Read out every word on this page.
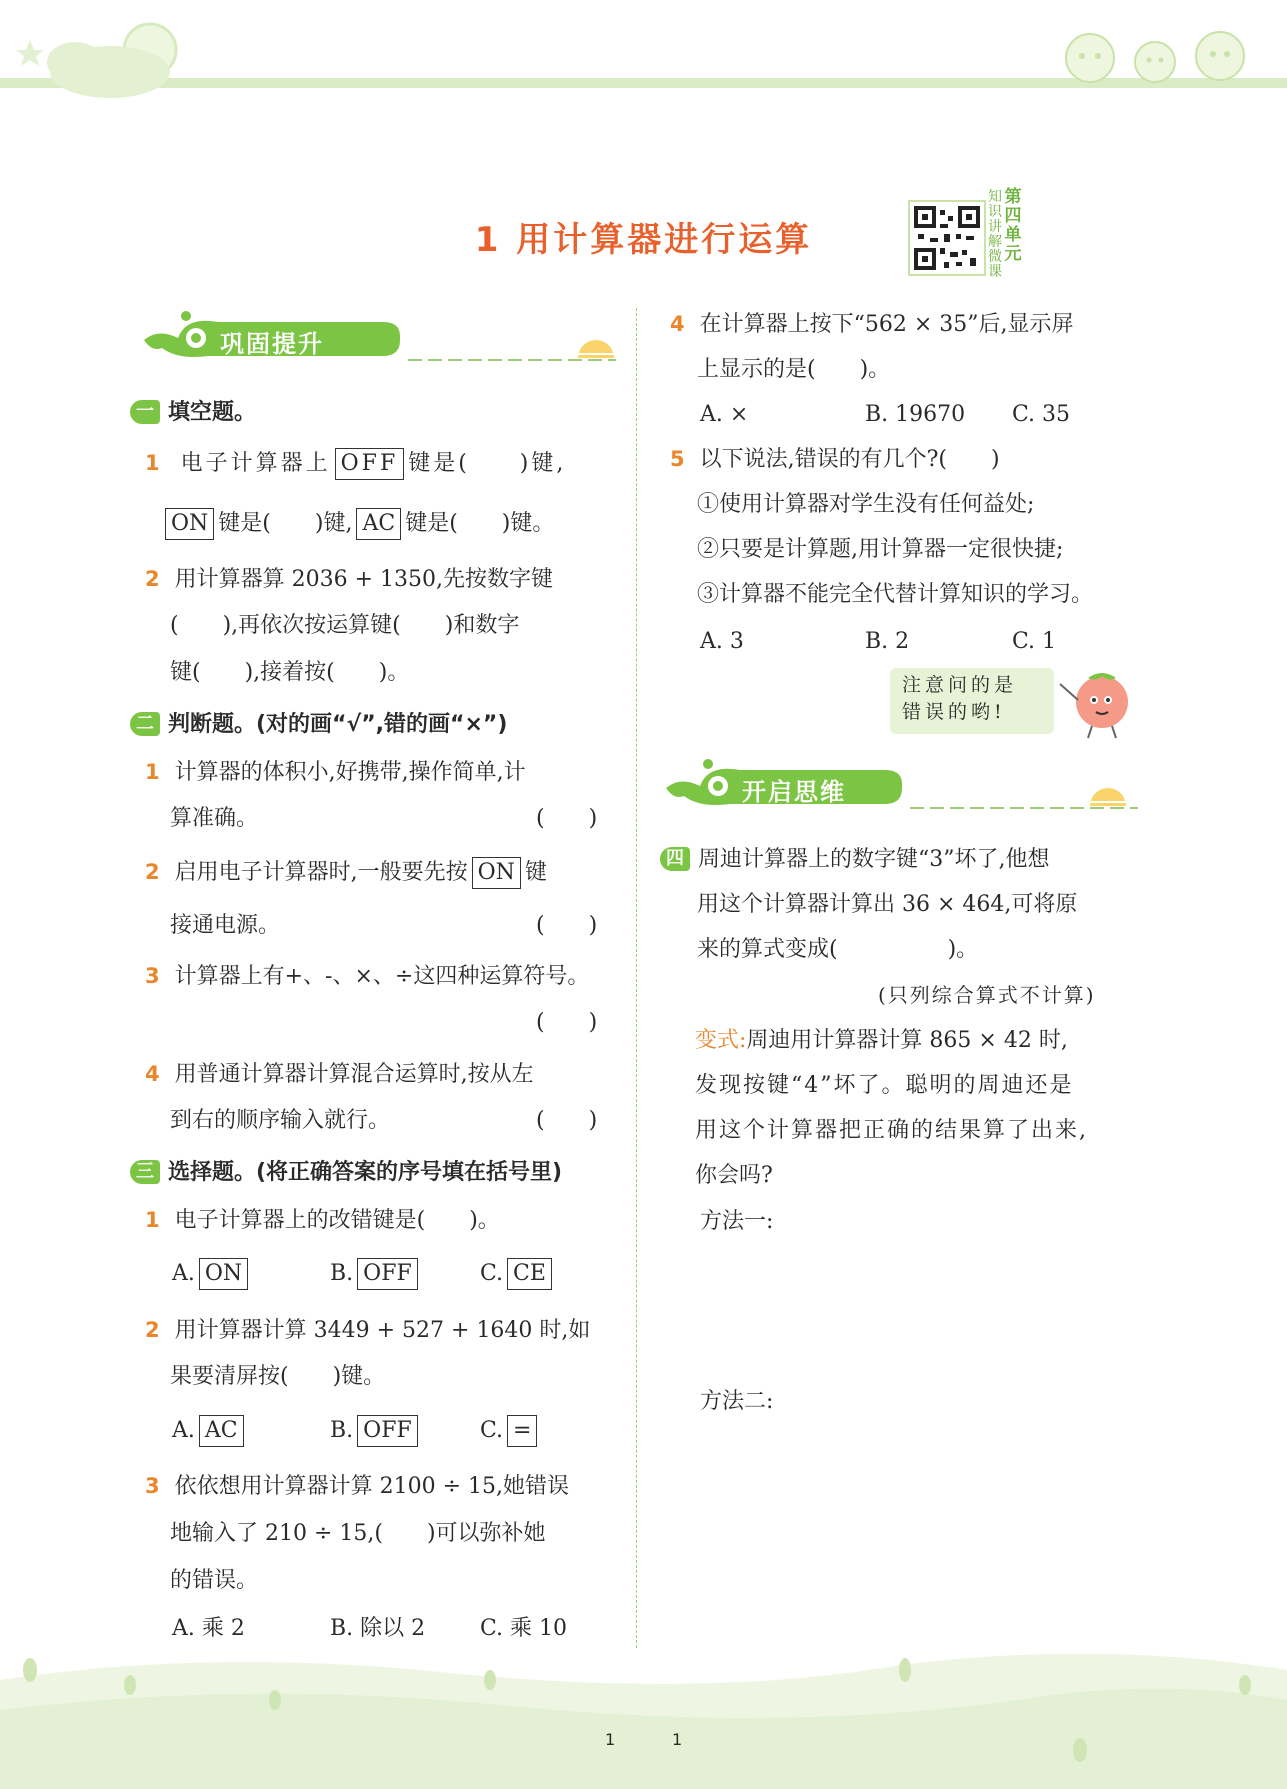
1 用计算器进行运算
第
四
单
元
知
识
讲
解
微
课
巩固提升
一 填空题。
1 电子计算器上 OFF 键是(　　)键,
ON 键是(　　)键, AC 键是(　　)键。
2 用计算器算 2036 + 1350,先按数字键
(　　),再依次按运算键(　　)和数字
键(　　),接着按(　　)。
二 判断题。(对的画“√”,错的画“×”)
1 计算器的体积小,好携带,操作简单,计
算准确。	(　　)
2 启用电子计算器时,一般要先按 ON 键
接通电源。	(　　)
3 计算器上有+、-、×、÷这四种运算符号。
(　　)
4 用普通计算器计算混合运算时,按从左
到右的顺序输入就行。	(　　)
三 选择题。(将正确答案的序号填在括号里)
1 电子计算器上的改错键是(　　)。
A. ON	B. OFF	C. CE
2 用计算器计算 3449 + 527 + 1640 时,如
果要清屏按(　　)键。
A. AC	B. OFF	C. =
3 依依想用计算器计算 2100 ÷ 15,她错误
地输入了 210 ÷ 15,(　　)可以弥补她
的错误。
A. 乘 2	B. 除以 2 C. 乘 10
4 在计算器上按下“562 × 35”后,显示屏
上显示的是(　　)。
A. ×	B. 19670 C. 35
5 以下说法,错误的有几个?(　　)
①使用计算器对学生没有任何益处;
②只要是计算题,用计算器一定很快捷;
③计算器不能完全代替计算知识的学习。
A. 3	B. 2	C. 1
注意问的是
错误的哟!
开启思维
四 周迪计算器上的数字键“3”坏了,他想
用这个计算器计算出 36 × 464,可将原
来的算式变成(　　　　　)。
(只列综合算式不计算)
变式:周迪用计算器计算 865 × 42 时,
发现按键“4”坏了。聪明的周迪还是
用这个计算器把正确的结果算了出来,
你会吗?
方法一:
方法二:
1	1
